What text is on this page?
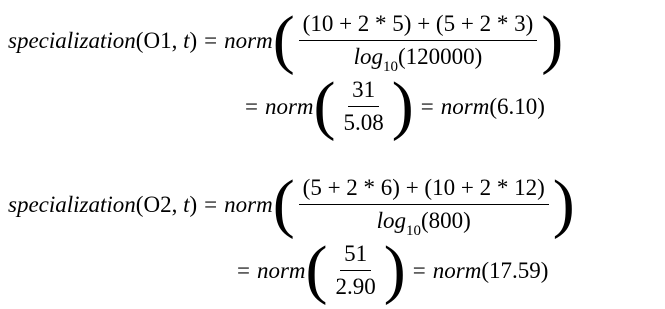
specialization ( O1 , t ) = norm ( $\frac{(10 + 2 * 5) + (5 + 2 * 3)}{\log_{10}(120000)}$ )
= norm ( $\frac{31}{5.08}$ ) = norm (6.10)
specialization ( O2 , t ) = norm ( $\frac{(5 + 2 * 6) + (10 + 2 * 12)}{\log_{10}(800)}$ )
= norm ( $\frac{51}{2.90}$ ) = norm (17.59)
